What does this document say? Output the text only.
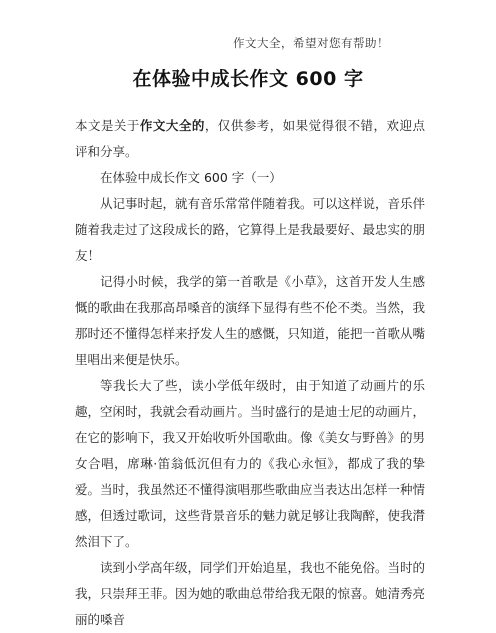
作文大全，希望对您有帮助！
在体验中成长作文 600 字

本文是关于作文大全的，仅供参考，如果觉得很不错，欢迎点评和分享。

在体验中成长作文 600 字（一）

从记事时起，就有音乐常常伴随着我。可以这样说，音乐伴随着我走过了这段成长的路，它算得上是我最要好、最忠实的朋友！

记得小时候，我学的第一首歌是《小草》，这首开发人生感慨的歌曲在我那高昂嗓音的演绎下显得有些不伦不类。当然，我那时还不懂得怎样来抒发人生的感慨，只知道，能把一首歌从嘴里唱出来便是快乐。

等我长大了些，读小学低年级时，由于知道了动画片的乐趣，空闲时，我就会看动画片。当时盛行的是迪士尼的动画片，在它的影响下，我又开始收听外国歌曲。像《美女与野兽》的男女合唱，席琳·笛翁低沉但有力的《我心永恒》，都成了我的挚爱。当时，我虽然还不懂得演唱那些歌曲应当表达出怎样一种情感，但透过歌词，这些背景音乐的魅力就足够让我陶醉，使我潸然泪下了。

读到小学高年级，同学们开始追星，我也不能免俗。当时的我，只崇拜王菲。因为她的歌曲总带给我无限的惊喜。她清秀亮丽的嗓音
